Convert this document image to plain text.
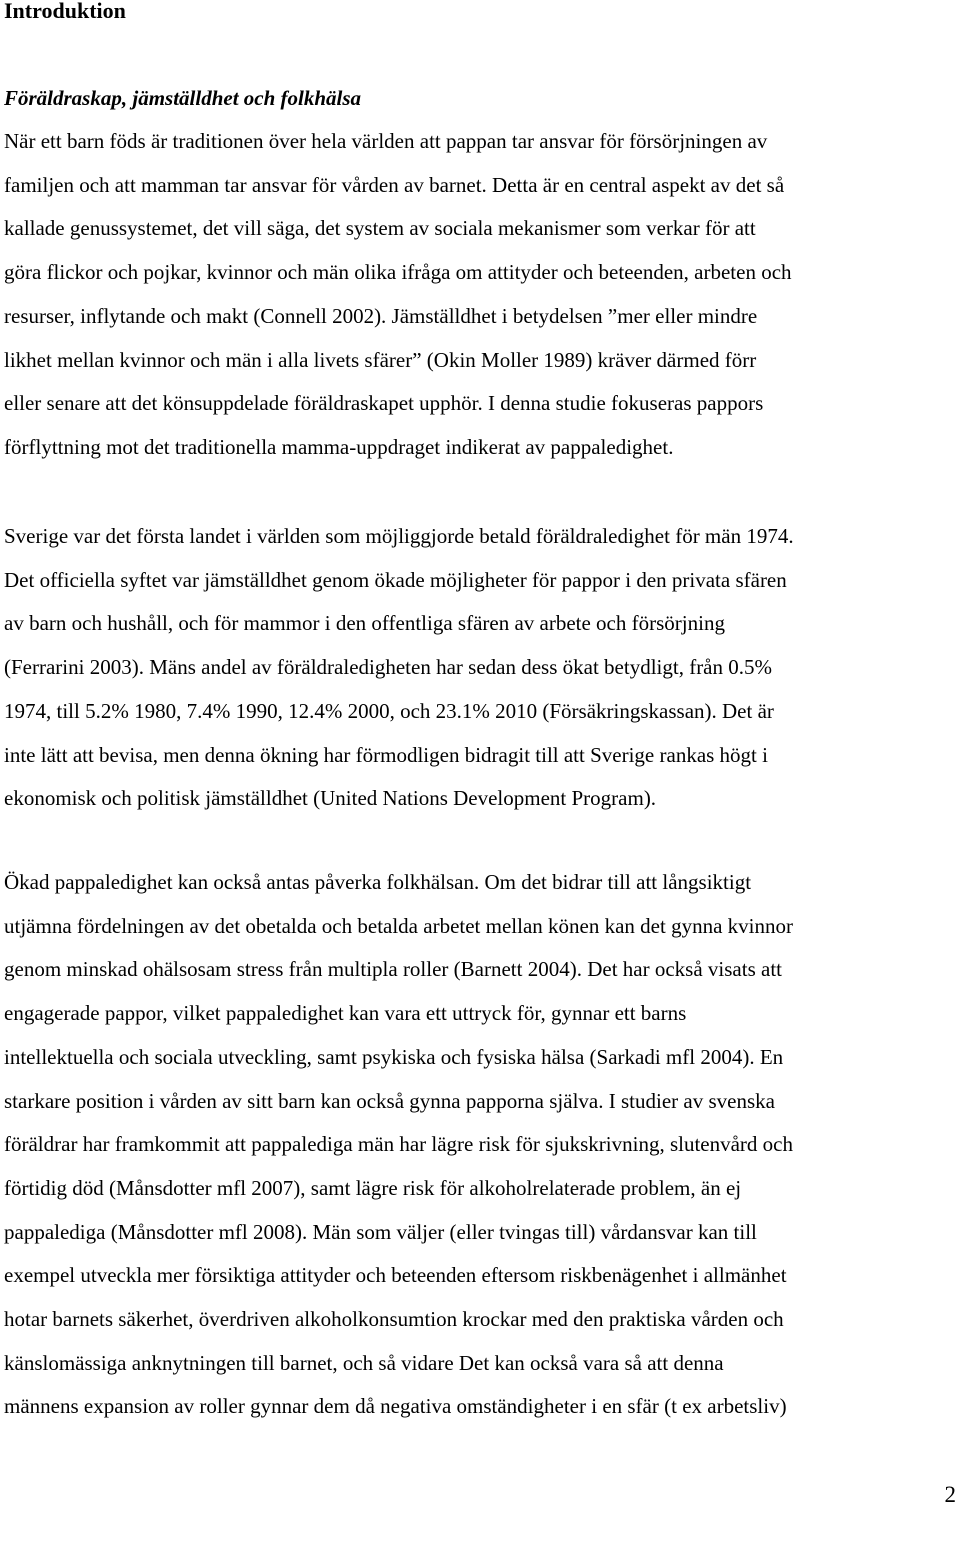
Introduktion
Föräldraskap, jämställdhet och folkhälsa

När ett barn föds är traditionen över hela världen att pappan tar ansvar för försörjningen av
familjen och att mamman tar ansvar för vården av barnet. Detta är en central aspekt av det så
kallade genussystemet, det vill säga, det system av sociala mekanismer som verkar för att
göra flickor och pojkar, kvinnor och män olika ifråga om attityder och beteenden, arbeten och
resurser, inflytande och makt (Connell 2002). Jämställdhet i betydelsen ”mer eller mindre
likhet mellan kvinnor och män i alla livets sfärer” (Okin Moller 1989) kräver därmed förr
eller senare att det könsuppdelade föräldraskapet upphör. I denna studie fokuseras pappors
förflyttning mot det traditionella mamma-uppdraget indikerat av pappaledighet.

Sverige var det första landet i världen som möjliggjorde betald föräldraledighet för män 1974.
Det officiella syftet var jämställdhet genom ökade möjligheter för pappor i den privata sfären
av barn och hushåll, och för mammor i den offentliga sfären av arbete och försörjning
(Ferrarini 2003). Mäns andel av föräldraledigheten har sedan dess ökat betydligt, från 0.5%
1974, till 5.2% 1980, 7.4% 1990, 12.4% 2000, och 23.1% 2010 (Försäkringskassan). Det är
inte lätt att bevisa, men denna ökning har förmodligen bidragit till att Sverige rankas högt i
ekonomisk och politisk jämställdhet (United Nations Development Program).

Ökad pappaledighet kan också antas påverka folkhälsan. Om det bidrar till att långsiktigt
utjämna fördelningen av det obetalda och betalda arbetet mellan könen kan det gynna kvinnor
genom minskad ohälsosam stress från multipla roller (Barnett 2004). Det har också visats att
engagerade pappor, vilket pappaledighet kan vara ett uttryck för, gynnar ett barns
intellektuella och sociala utveckling, samt psykiska och fysiska hälsa (Sarkadi mfl 2004). En
starkare position i vården av sitt barn kan också gynna papporna själva. I studier av svenska
föräldrar har framkommit att pappalediga män har lägre risk för sjukskrivning, slutenvård och
förtidig död (Månsdotter mfl 2007), samt lägre risk för alkoholrelaterade problem, än ej
pappalediga (Månsdotter mfl 2008). Män som väljer (eller tvingas till) vårdansvar kan till
exempel utveckla mer försiktiga attityder och beteenden eftersom riskbenägenhet i allmänhet
hotar barnets säkerhet, överdriven alkoholkonsumtion krockar med den praktiska vården och
känslomässiga anknytningen till barnet, och så vidare Det kan också vara så att denna
männens expansion av roller gynnar dem då negativa omständigheter i en sfär (t ex arbetsliv)

2
